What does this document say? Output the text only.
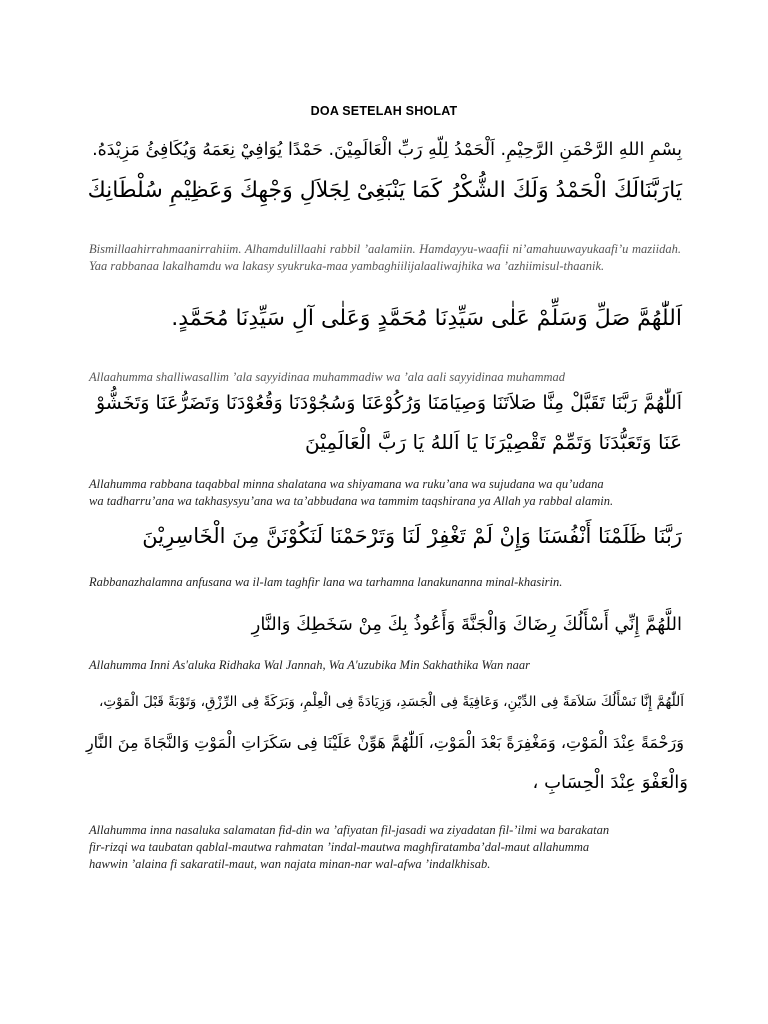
DOA SETELAH SHOLAT
بِسْمِ اللهِ الرَّحْمَنِ الرَّحِيْمِ. اَلْحَمْدُ لِلّهِ رَبِّ الْعَالَمِيْنَ. حَمْدًا يُوَافِيْ نِعَمَهُ وَيُكَافِئُ مَزِيْدَهُ.
يَارَبَّنَالَكَ الْحَمْدُ وَلَكَ الشُّكْرُ كَمَا يَنْبَغِىْ لِجَلاَلِ وَجْهِكَ وَعَظِيْمِ سُلْطَانِكَ
Bismillaahirrahmaanirrahiim. Alhamdulillaahi rabbil ’aalamiin. Hamdayyu-waafii ni’amahuuwayukaafi’u maziidah. Yaa rabbanaa lakalhamdu wa lakasy syukruka-maa yambaghiilijalaaliwajhika wa ’azhiimisul-thaanik.
اَللّٰهُمَّ صَلِّ وَسَلِّمْ عَلٰى سَيِّدِنَا مُحَمَّدٍ وَعَلٰى آلِ سَيِّدِنَا مُحَمَّدٍ.
Allaahumma shalliwasallim ’ala sayyidinaa muhammadiw wa ’ala aali sayyidinaa muhammad
اَللّٰهُمَّ رَبَّنَا تَقَبَّلْ مِنَّا صَلاَتَنَا وَصِيَامَنَا وَرُكُوْعَنَا وَسُجُوْدَنَا وَقُعُوْدَنَا وَتَضَرُّعَنَا وَتَخَشُّوْ
عَنَا وَتَعَبُّدَنَا وَتَمِّمْ تَقْصِيْرَنَا يَا اَللهُ يَا رَبَّ الْعَالَمِيْنَ
Allahumma rabbana taqabbal minna shalatana wa shiyamana wa ruku’ana wa sujudana wa qu’udana
wa tadharru’ana wa takhasysyu’ana wa ta’abbudana wa tammim taqshirana ya Allah ya rabbal alamin.
رَبَّنَا ظَلَمْنَا أَنْفُسَنَا وَإِنْ لَمْ تَغْفِرْ لَنَا وَتَرْحَمْنَا لَنَكُوْنَنَّ مِنَ الْخَاسِرِيْنَ
Rabbanazhalamna anfusana wa il-lam taghfir lana wa tarhamna lanakunanna minal-khasirin.
اللَّهُمَّ إِنِّي أَسْأَلُكَ رِضَاكَ وَالْجَنَّةَ وَأَعُوذُ بِكَ مِنْ سَخَطِكَ وَالنَّارِ
Allahumma Inni As'aluka Ridhaka Wal Jannah, Wa A'uzubika Min Sakhathika Wan naar
اَللّٰهُمَّ إِنَّا نَسْأَلُكَ سَلاَمَةً فِى الدِّيْنِ، وَعَافِيَةً فِى الْجَسَدِ، وَزِيَادَةً فِى الْعِلْمِ، وَبَرَكَةً فِى الرِّزْقِ، وَتَوْبَةً قَبْلَ الْمَوْتِ،
وَرَحْمَةً عِنْدَ الْمَوْتِ، وَمَغْفِرَةً بَعْدَ الْمَوْتِ، اَللّٰهُمَّ هَوِّنْ عَلَيْنَا فِى سَكَرَاتِ الْمَوْتِ وَالنَّجَاةَ مِنَ النَّارِ
وَالْعَفْوَ عِنْدَ الْحِسَابِ ،
Allahumma inna nasaluka salamatan fid-din wa ’afiyatan fil-jasadi wa ziyadatan fil-’ilmi wa barakatan
fir-rizqi wa taubatan qablal-mautwa rahmatan ’indal-mautwa maghfiratamba’dal-maut allahumma
hawwin ’alaina fi sakaratil-maut, wan najata minan-nar wal-afwa ’indalkhisab.
